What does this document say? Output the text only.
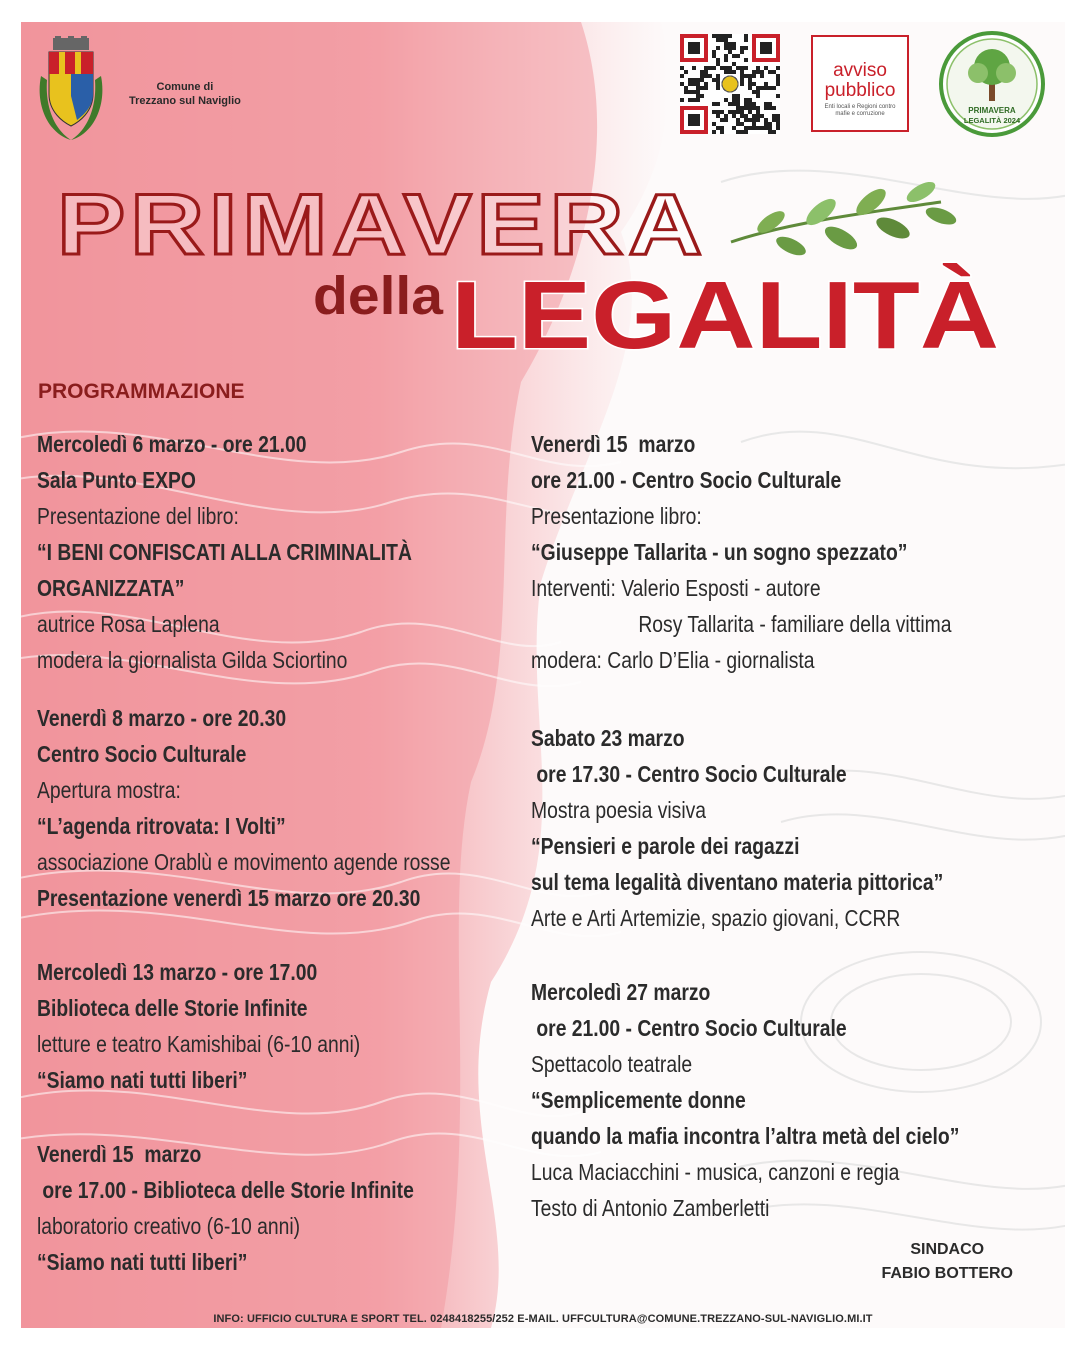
Comune di
Trezzano sul Naviglio
avviso
pubblico
Enti locali e Regioni contro mafie e corruzione	PRIMAVERA
LEGALITÀ 2024
PRIMAVERA
della LEGALITÀ
PROGRAMMAZIONE
Mercoledì 6 marzo - ore 21.00
Sala Punto EXPO
Presentazione del libro:
“I BENI CONFISCATI ALLA CRIMINALITÀ
ORGANIZZATA”
autrice Rosa Laplena
modera la giornalista Gilda Sciortino
Venerdì 8 marzo - ore 20.30
Centro Socio Culturale
Apertura mostra:
“L’agenda ritrovata: I Volti”
associazione Orablù e movimento agende rosse
Presentazione venerdì 15 marzo ore 20.30
Mercoledì 13 marzo - ore 17.00
Biblioteca delle Storie Infinite
letture e teatro Kamishibai (6-10 anni)
“Siamo nati tutti liberi”
Venerdì 15  marzo
ore 17.00 - Biblioteca delle Storie Infinite
laboratorio creativo (6-10 anni)
“Siamo nati tutti liberi”
Venerdì 15  marzo
ore 21.00 - Centro Socio Culturale
Presentazione libro:
“Giuseppe Tallarita - un sogno spezzato”
Interventi: Valerio Esposti - autore
Rosy Tallarita - familiare della vittima
modera: Carlo D’Elia - giornalista
Sabato 23 marzo
ore 17.30 - Centro Socio Culturale
Mostra poesia visiva
“Pensieri e parole dei ragazzi
sul tema legalità diventano materia pittorica”
Arte e Arti Artemizie, spazio giovani, CCRR
Mercoledì 27 marzo
ore 21.00 - Centro Socio Culturale
Spettacolo teatrale
“Semplicemente donne
quando la mafia incontra l’altra metà del cielo”
Luca Maciacchini - musica, canzoni e regia
Testo di Antonio Zamberletti
SINDACO
FABIO BOTTERO
INFO: UFFICIO CULTURA E SPORT TEL. 0248418255/252 E-MAIL. UFFCULTURA@COMUNE.TREZZANO-SUL-NAVIGLIO.MI.IT
